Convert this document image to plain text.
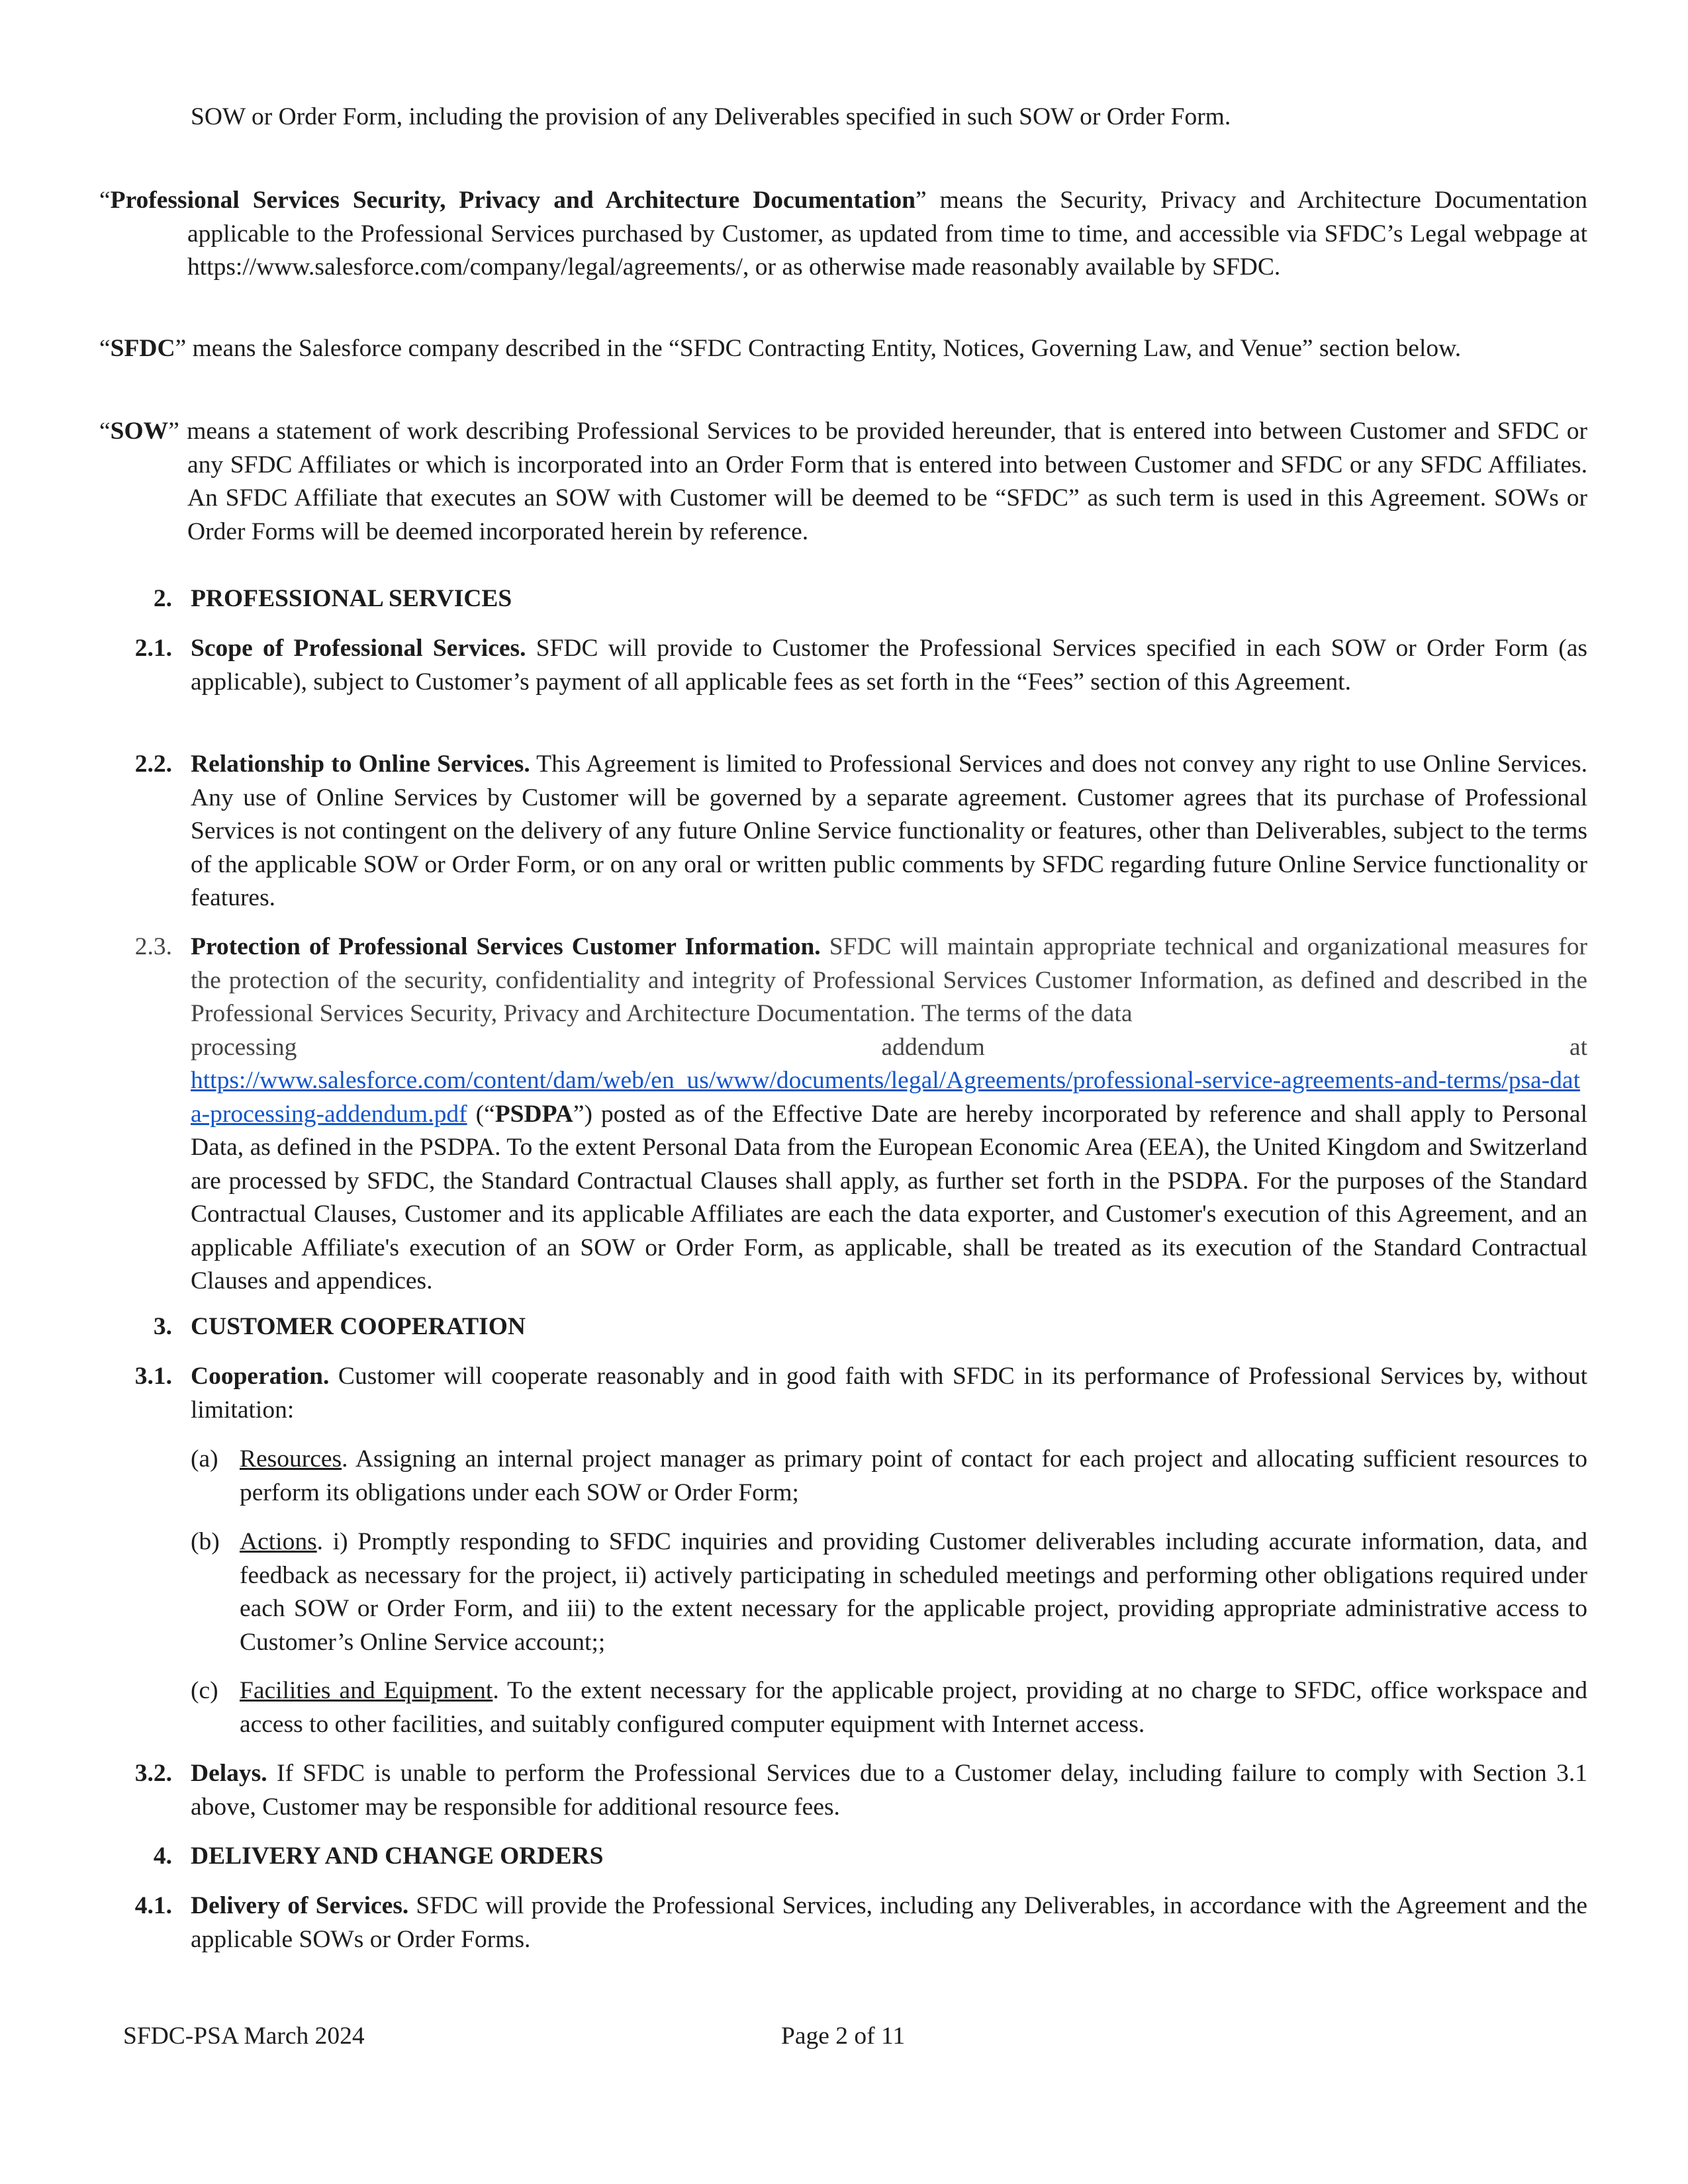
SOW or Order Form, including the provision of any Deliverables specified in such SOW or Order Form.

“Professional Services Security, Privacy and Architecture Documentation” means the Security, Privacy and Architecture Documentation applicable to the Professional Services purchased by Customer, as updated from time to time, and accessible via SFDC’s Legal webpage at https://www.salesforce.com/company/legal/agreements/, or as otherwise made reasonably available by SFDC.

“SFDC” means the Salesforce company described in the “SFDC Contracting Entity, Notices, Governing Law, and Venue” section below.

“SOW” means a statement of work describing Professional Services to be provided hereunder, that is entered into between Customer and SFDC or any SFDC Affiliates or which is incorporated into an Order Form that is entered into between Customer and SFDC or any SFDC Affiliates. An SFDC Affiliate that executes an SOW with Customer will be deemed to be “SFDC” as such term is used in this Agreement. SOWs or Order Forms will be deemed incorporated herein by reference.

2. PROFESSIONAL SERVICES

2.1. Scope of Professional Services. SFDC will provide to Customer the Professional Services specified in each SOW or Order Form (as applicable), subject to Customer’s payment of all applicable fees as set forth in the “Fees” section of this Agreement.

2.2. Relationship to Online Services. This Agreement is limited to Professional Services and does not convey any right to use Online Services. Any use of Online Services by Customer will be governed by a separate agreement. Customer agrees that its purchase of Professional Services is not contingent on the delivery of any future Online Service functionality or features, other than Deliverables, subject to the terms of the applicable SOW or Order Form, or on any oral or written public comments by SFDC regarding future Online Service functionality or features.

2.3. Protection of Professional Services Customer Information. SFDC will maintain appropriate technical and organizational measures for the protection of the security, confidentiality and integrity of Professional Services Customer Information, as defined and described in the Professional Services Security, Privacy and Architecture Documentation. The terms of the data

processing	addendum	at

https://www.salesforce.com/content/dam/web/en_us/www/documents/legal/Agreements/professional-service-agreements-and-terms/psa-data-processing-addendum.pdf (“PSDPA”) posted as of the Effective Date are hereby incorporated by reference and shall apply to Personal Data, as defined in the PSDPA. To the extent Personal Data from the European Economic Area (EEA), the United Kingdom and Switzerland are processed by SFDC, the Standard Contractual Clauses shall apply, as further set forth in the PSDPA. For the purposes of the Standard Contractual Clauses, Customer and its applicable Affiliates are each the data exporter, and Customer's execution of this Agreement, and an applicable Affiliate's execution of an SOW or Order Form, as applicable, shall be treated as its execution of the Standard Contractual Clauses and appendices.

3. CUSTOMER COOPERATION

3.1. Cooperation. Customer will cooperate reasonably and in good faith with SFDC in its performance of Professional Services by, without limitation:

(a) Resources. Assigning an internal project manager as primary point of contact for each project and allocating sufficient resources to perform its obligations under each SOW or Order Form;

(b) Actions. i) Promptly responding to SFDC inquiries and providing Customer deliverables including accurate information, data, and feedback as necessary for the project, ii) actively participating in scheduled meetings and performing other obligations required under each SOW or Order Form, and iii) to the extent necessary for the applicable project, providing appropriate administrative access to Customer’s Online Service account;;

(c) Facilities and Equipment. To the extent necessary for the applicable project, providing at no charge to SFDC, office workspace and access to other facilities, and suitably configured computer equipment with Internet access.

3.2. Delays. If SFDC is unable to perform the Professional Services due to a Customer delay, including failure to comply with Section 3.1 above, Customer may be responsible for additional resource fees.

4. DELIVERY AND CHANGE ORDERS

4.1. Delivery of Services. SFDC will provide the Professional Services, including any Deliverables, in accordance with the Agreement and the applicable SOWs or Order Forms.

SFDC-PSA March 2024	Page 2 of 11
